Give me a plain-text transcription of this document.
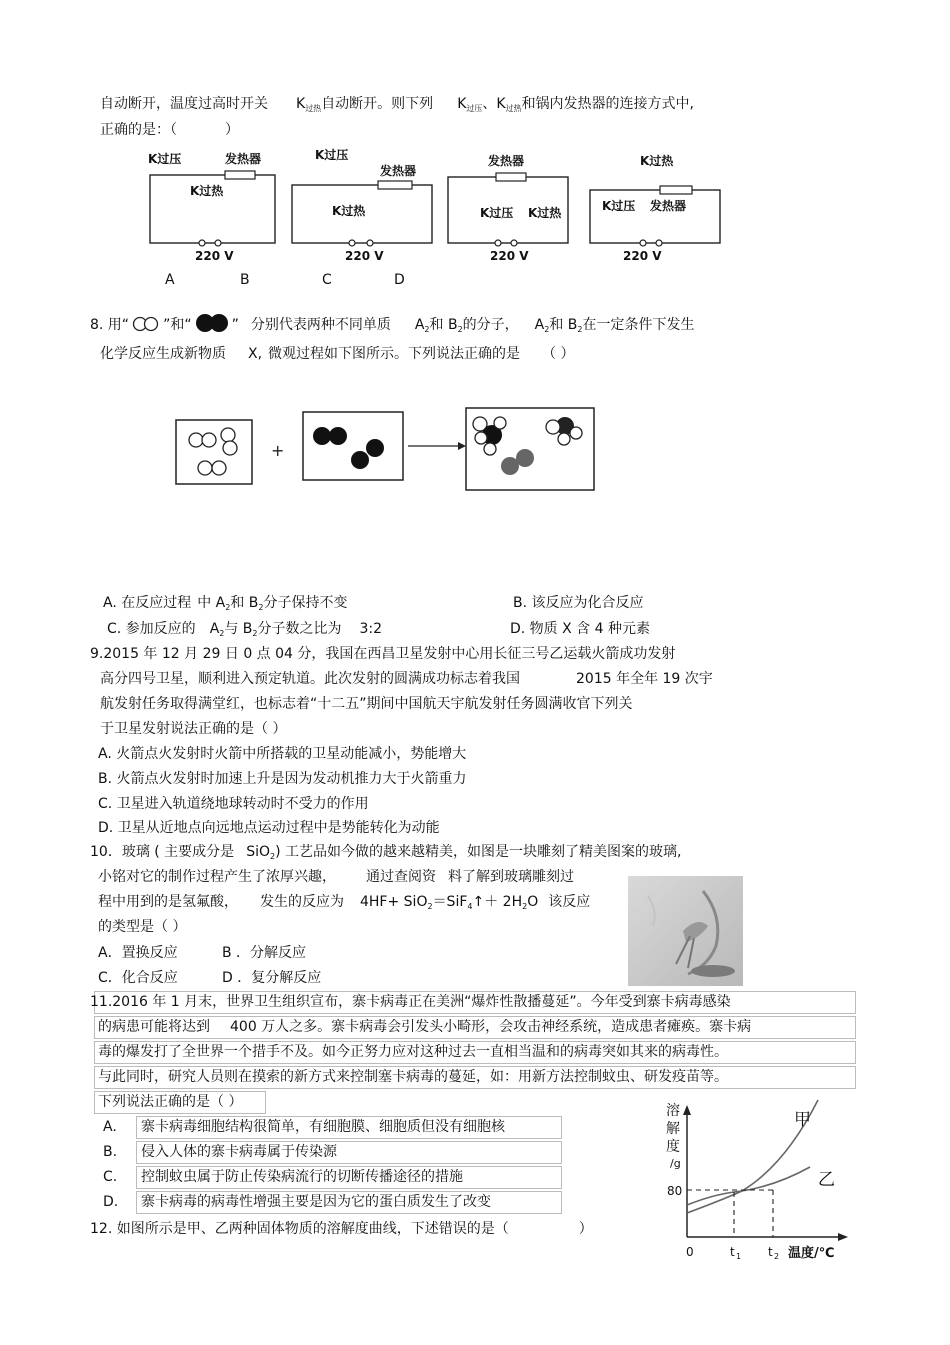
自动断开，温度过高时开关 $K_{过热}$自动断开。则下列 $K_{过压}$、$K_{过热}$和锅内发热器的连接方式中,
正确的是：（	）
K过压
K过热
发热器
220 V
K过压
K过热
发热器
220 V
发热器
K过压 K过热
220 V
K过热
K过压 发热器
220 V
A	B	C	D
8. 用“ ”和“	” 分别代表两种不同单质 $A_2$和 $B_2$的分子， $A_2$和 $B_2$在一定条件下发生
化学反应生成新物质 X, 微观过程如下图所示。下列说法正确的是 （ ）
+
A. 在反应过程 中 $A_2$和 $B_2$分子保持不变	B. 该反应为化合反应
C. 参加反应的 $A_2$与 $B_2$分子数之比为 3:2	D. 物质 X 含 4 种元素
9.2015 年 12 月 29 日 0 点 04 分，我国在西昌卫星发射中心用长征三号乙运载火箭成功发射
高分四号卫星，顺利进入预定轨道。此次发射的圆满成功标志着我国	2015 年全年 19 次宇
航发射任务取得满堂红，也标志着“十二五”期间中国航天宇航发射任务圆满收官下列关
于卫星发射说法正确的是（ ）
A. 火箭点火发射时火箭中所搭载的卫星动能减小，势能增大
B. 火箭点火发射时加速上升是因为发动机推力大于火箭重力
C. 卫星进入轨道绕地球转动时不受力的作用
D. 卫星从近地点向远地点运动过程中是势能转化为动能
10．玻璃 ( 主要成分是 SiO$_2$) 工艺品如今做的越来越精美，如图是一块雕刻了精美图案的玻璃,
小铭对它的制作过程产生了浓厚兴趣， 通过查阅资 料了解到玻璃雕刻过
程中用到的是氢氟酸， 发生的反应为 4HF+ SiO$_2$＝SiF$_4$↑＋ $2H_2O$ 该反应
的类型是（ ）
A．置换反应	B ．分解反应
C．化合反应	D ．复分解反应
11.2016 年 1 月末，世界卫生组织宣布，寨卡病毒正在美洲“爆炸性散播蔓延”。今年受到寨卡病毒感染
的病患可能将达到 400 万人之多。寨卡病毒会引发头小畸形，会攻击神经系统，造成患者瘫痪。寨卡病
毒的爆发打了全世界一个措手不及。如今正努力应对这种过去一直相当温和的病毒突如其来的病毒性。
与此同时，研究人员则在摸索的新方式来控制塞卡病毒的蔓延，如：用新方法控制蚊虫、研发疫苗等。
下列说法正确的是（ ）
A. 寨卡病毒细胞结构很简单，有细胞膜、细胞质但没有细胞核
B. 侵入人体的寨卡病毒属于传染源
C. 控制蚊虫属于防止传染病流行的切断传播途径的措施
D. 寨卡病毒的病毒性增强主要是因为它的蛋白质发生了改变
12. 如图所示是甲、乙两种固体物质的溶解度曲线，下述错误的是（	）
溶
解
度
/g
甲
乙
80
0	t 1 t 2 温度/℃
